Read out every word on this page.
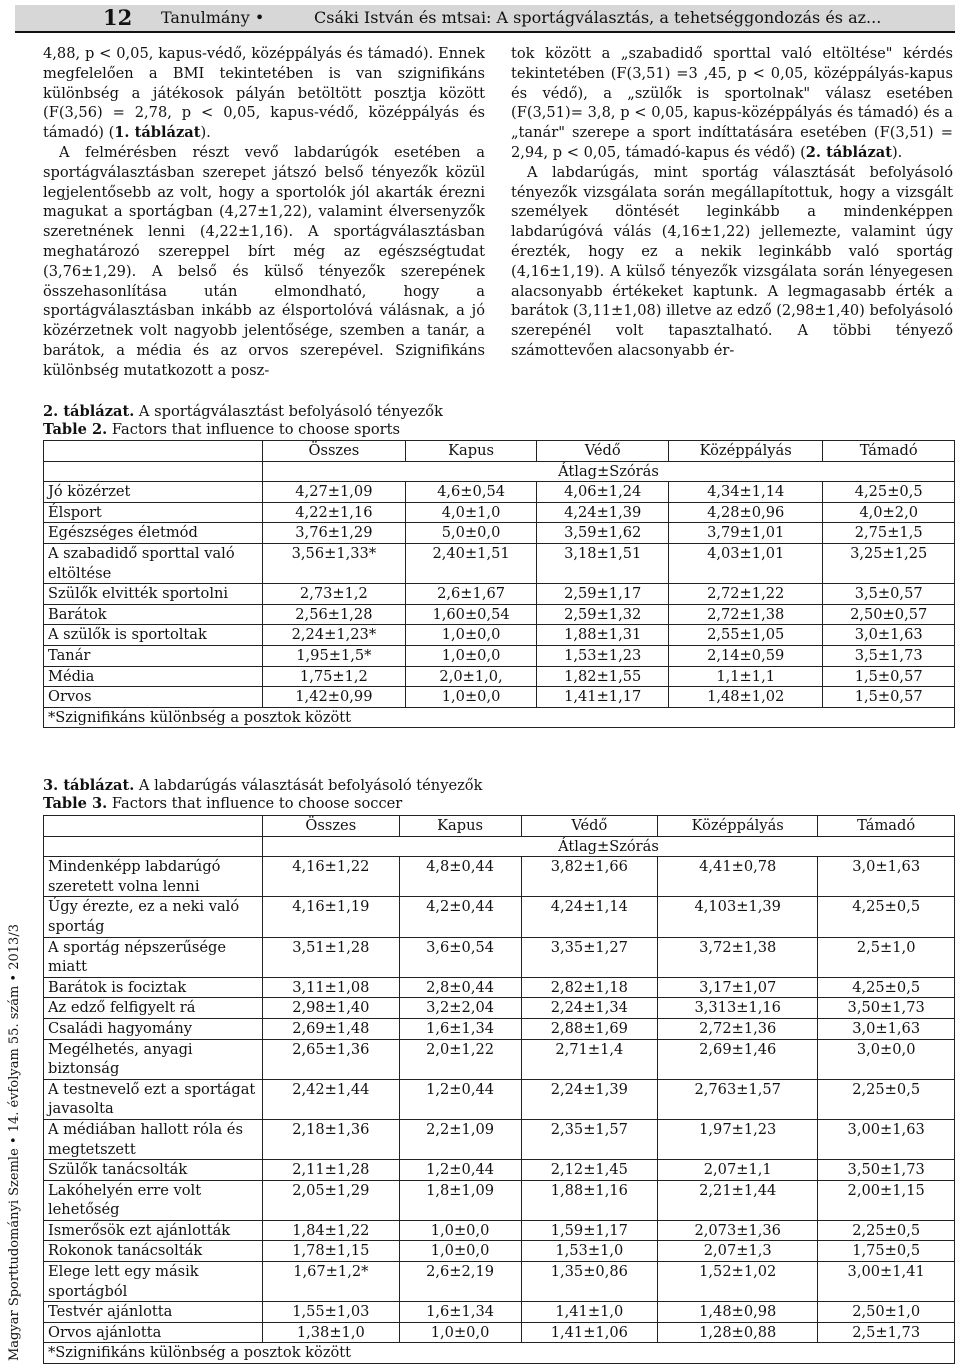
12 Tanulmány •	Csáki István és mtsai: A sportágválasztás, a tehetséggondozás és az...

4,88, p < 0,05, kapus-védő, középpályás és támadó). Ennek megfelelően a BMI tekintetében is van szignifikáns különbség a játékosok pályán betöltött posztja között (F(3,56) = 2,78, p < 0,05, kapus-védő, középpályás és támadó) (1. táblázat).

A felmérésben részt vevő labdarúgók esetében a sportágválasztásban szerepet játszó belső tényezők közül legjelentősebb az volt, hogy a sportolók jól akarták érezni magukat a sportágban (4,27±1,22), valamint élversenyzők szeretnének lenni (4,22±1,16). A sportágválasztásban meghatározó szereppel bírt még az egészségtudat (3,76±1,29). A belső és külső tényezők szerepének összehasonlítása után elmondható, hogy a sportágválasztásban inkább az élsportolóvá válásnak, a jó közérzetnek volt nagyobb jelentősége, szemben a tanár, a barátok, a média és az orvos szerepével. Szignifikáns különbség mutatkozott a posz-

tok között a „szabadidő sporttal való eltöltése" kérdés tekintetében (F(3,51) =3 ,45, p < 0,05, középpályás-kapus és védő), a „szülők is sportolnak" válasz esetében (F(3,51)= 3,8, p < 0,05, kapus-középpályás és támadó) és a „tanár" szerepe a sport indíttatására esetében (F(3,51) = 2,94, p < 0,05, támadó-kapus és védő) (2. táblázat).

A labdarúgás, mint sportág választását befolyásoló tényezők vizsgálata során megállapítottuk, hogy a vizsgált személyek döntését leginkább a mindenképpen labdarúgóvá válás (4,16±1,22) jellemezte, valamint úgy érezték, hogy ez a nekik leginkább való sportág (4,16±1,19). A külső tényezők vizsgálata során lényegesen alacsonyabb értékeket kaptunk. A legmagasabb érték a barátok (3,11±1,08) illetve az edző (2,98±1,40) befolyásoló szerepénél volt tapasztalható. A többi tényező számottevően alacsonyabb ér-

2. táblázat. A sportágválasztást befolyásoló tényezők
Table 2. Factors that influence to choose sports
	Összes	Kapus	Védő	Középpályás	Támadó
	Átlag±Szórás				
Jó közérzet	4,27±1,09	4,6±0,54	4,06±1,24	4,34±1,14	4,25±0,5
Élsport	4,22±1,16	4,0±1,0	4,24±1,39	4,28±0,96	4,0±2,0
Egészséges életmód	3,76±1,29	5,0±0,0	3,59±1,62	3,79±1,01	2,75±1,5
A szabadidő sporttal való eltöltése	3,56±1,33*	2,40±1,51	3,18±1,51	4,03±1,01	3,25±1,25
Szülők elvitték sportolni	2,73±1,2	2,6±1,67	2,59±1,17	2,72±1,22	3,5±0,57
Barátok	2,56±1,28	1,60±0,54	2,59±1,32	2,72±1,38	2,50±0,57
A szülők is sportoltak	2,24±1,23*	1,0±0,0	1,88±1,31	2,55±1,05	3,0±1,63
Tanár	1,95±1,5*	1,0±0,0	1,53±1,23	2,14±0,59	3,5±1,73
Média	1,75±1,2	2,0±1,0,	1,82±1,55	1,1±1,1	1,5±0,57
Orvos	1,42±0,99	1,0±0,0	1,41±1,17	1,48±1,02	1,5±0,57
*Szignifikáns különbség a posztok között					
3. táblázat. A labdarúgás választását befolyásoló tényezők
Table 3. Factors that influence to choose soccer
	Összes	Kapus	Védő	Középpályás	Támadó
	Átlag±Szórás				
Mindenképp labdarúgó szeretett volna lenni	4,16±1,22	4,8±0,44	3,82±1,66	4,41±0,78	3,0±1,63
Úgy érezte, ez a neki való sportág	4,16±1,19	4,2±0,44	4,24±1,14	4,103±1,39	4,25±0,5
A sportág népszerűsége miatt	3,51±1,28	3,6±0,54	3,35±1,27	3,72±1,38	2,5±1,0
Barátok is fociztak	3,11±1,08	2,8±0,44	2,82±1,18	3,17±1,07	4,25±0,5
Az edző felfigyelt rá	2,98±1,40	3,2±2,04	2,24±1,34	3,313±1,16	3,50±1,73
Családi hagyomány	2,69±1,48	1,6±1,34	2,88±1,69	2,72±1,36	3,0±1,63
Megélhetés, anyagi biztonság	2,65±1,36	2,0±1,22	2,71±1,4	2,69±1,46	3,0±0,0
A testnevelő ezt a sportágat javasolta	2,42±1,44	1,2±0,44	2,24±1,39	2,763±1,57	2,25±0,5
A médiában hallott róla és megtetszett	2,18±1,36	2,2±1,09	2,35±1,57	1,97±1,23	3,00±1,63
Szülők tanácsolták	2,11±1,28	1,2±0,44	2,12±1,45	2,07±1,1	3,50±1,73
Lakóhelyén erre volt lehetőség	2,05±1,29	1,8±1,09	1,88±1,16	2,21±1,44	2,00±1,15
Ismerősök ezt ajánlották	1,84±1,22	1,0±0,0	1,59±1,17	2,073±1,36	2,25±0,5
Rokonok tanácsolták	1,78±1,15	1,0±0,0	1,53±1,0	2,07±1,3	1,75±0,5
Elege lett egy másik sportágból	1,67±1,2*	2,6±2,19	1,35±0,86	1,52±1,02	3,00±1,41
Testvér ajánlotta	1,55±1,03	1,6±1,34	1,41±1,0	1,48±0,98	2,50±1,0
Orvos ajánlotta	1,38±1,0	1,0±0,0	1,41±1,06	1,28±0,88	2,5±1,73
*Szignifikáns különbség a posztok között					
Magyar Sporttudományi Szemle • 14. évfolyam 55. szám • 2013/3
